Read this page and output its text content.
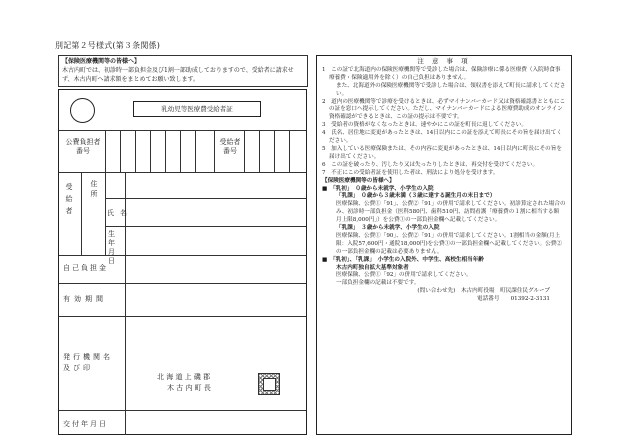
別記第２号様式(第３条関係)
【保険医療機関等の皆様へ】
木古内町では、初診時一部負担金及び1割一部助成しておりますので、受給者に請求せず、木古内町へ請求額をまとめてお願い致します。
乳幼児等医療費受給者証
公費負担者番号
受給者番号
受給者 住所
氏名
生年月日
自己負担金
有効期間
発行機関名及び印
北 海 道 上 磯 郡
木 古 内 町 長
交付年月日
注 意 事 項

1　この証で北海道内の保険医療機関等で受診した場合は、保険診療に係る医療費（入院時食事療養費・保険適用外を除く）の自己負担はありません。

また、北海道外の保険医療機関等で受診した場合は、領収書を添えて町長に請求してください。

2　道内の医療機関等で診療を受けるときは、必ずマイナンバーカード又は資格確認書とともにこの証を窓口へ提示してください。ただし、マイナンバーカードによる医療費助成のオンライン資格確認ができるときは、この証の提示は不要です。

3　受給者の資格がなくなったときは、速やかにこの証を町長に返してください。

4　氏名、居住地に変更があったときは、14日以内にこの証を添えて町長にその旨を届け出てください。

5　加入している医療保険または、その内容に変更があったときは、14日以内に町長にその旨を届け出てください。

6　この証を破ったり、汚したり又は失ったりしたときは、再交付を受けてください。

7　不正にこの受給者証を使用した者は、刑法により処分を受けます。

【保険医療機関等の皆様へ】

■　「乳初」　０歳から未就学、小学生の入院

「乳課」　０歳から３歳未満（３歳に達する誕生月の末日まで）

医療保険、公費①「91」、公費②「91」の併用で請求してください。初診算定された場合のみ、初診時一部負担金（医科580円、歯科510円、訪問看護「療養費の１割に相当する額　月上限8,000円」）を公費①の一部負担金欄へ記載してください。

「乳課」　３歳から未就学、小学生の入院

医療保険、公費①「90」、公費②「91」の併用で請求してください。1割相当の金額(月上限：入院57,600円・通院18,000円)を公費①の一部負担金欄へ記載してください。公費②の一部負担金欄の記載は必要ありません。

■　「乳初」、「乳課」　小学生の入院外、中学生、高校生相当年齢

木古内町独自拡大基準対象者

医療保険、公費①「92」の併用で請求してください。

一部負担金欄の記載は不要です。

(問い合わせ先)　木古内町役場　町民課住民グループ

電話番号　　 01392-2-3131
